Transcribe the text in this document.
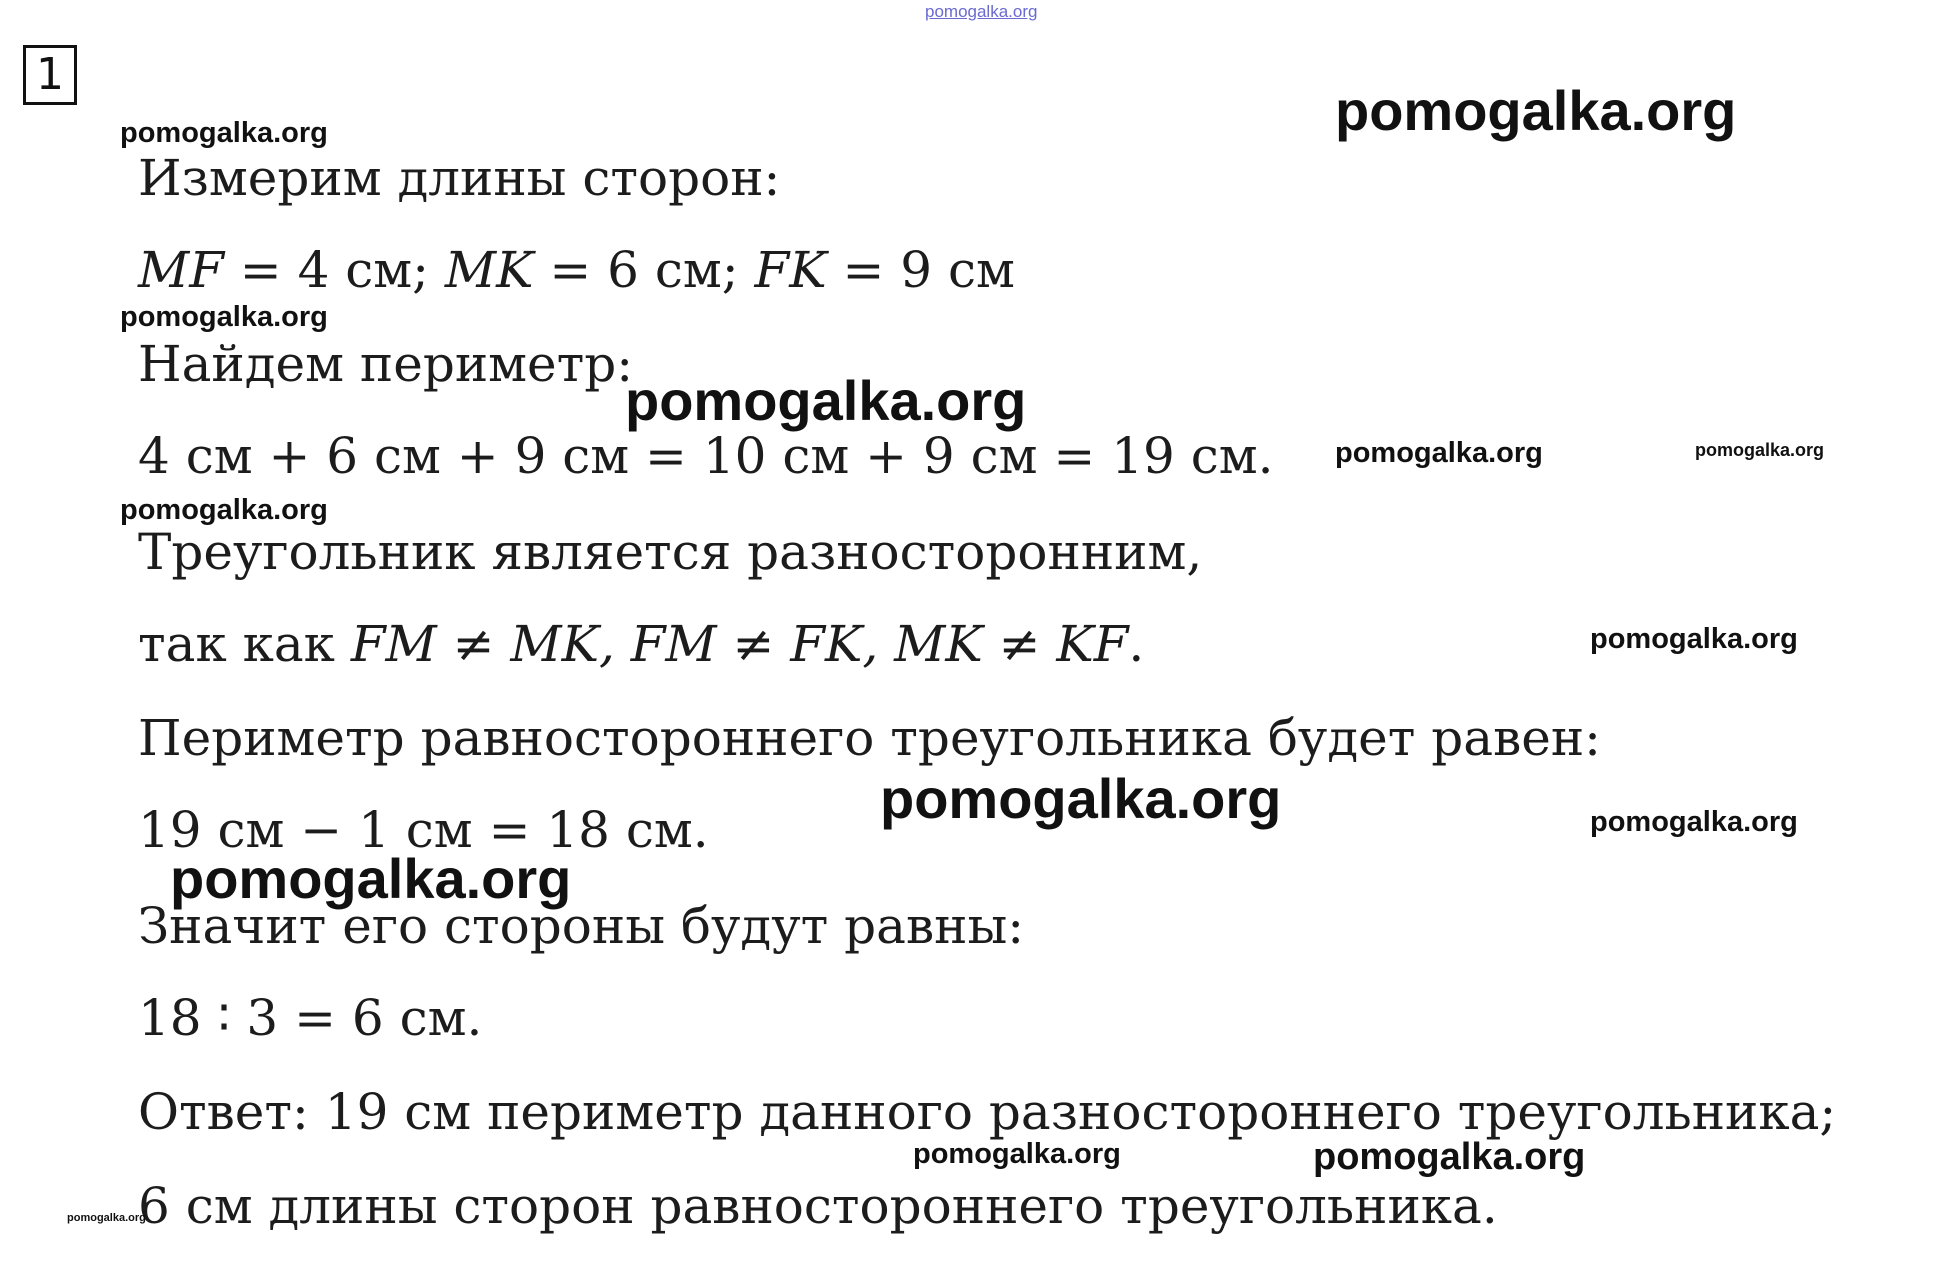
1
Измерим длины сторон:
MF = 4 см; MK = 6 см; FK = 9 см
Найдем периметр:
4 см + 6 см + 9 см = 10 см + 9 см = 19 см.
Треугольник является разносторонним,
так как FM ≠ MK, FM ≠ FK, MK ≠ KF.
Периметр равностороннего треугольника будет равен:
19 см − 1 см = 18 см.
Значит его стороны будут равны:
18 ∶ 3 = 6 см.
Ответ: 19 см периметр данного разностороннего треугольника;
6 см длины сторон равностороннего треугольника.
pomogalka.org
pomogalka.org
pomogalka.org
pomogalka.org
pomogalka.org
pomogalka.org	pomogalka.org
pomogalka.org
pomogalka.org
pomogalka.org	pomogalka.org
pomogalka.org
pomogalka.org	pomogalka.org
pomogalka.org
